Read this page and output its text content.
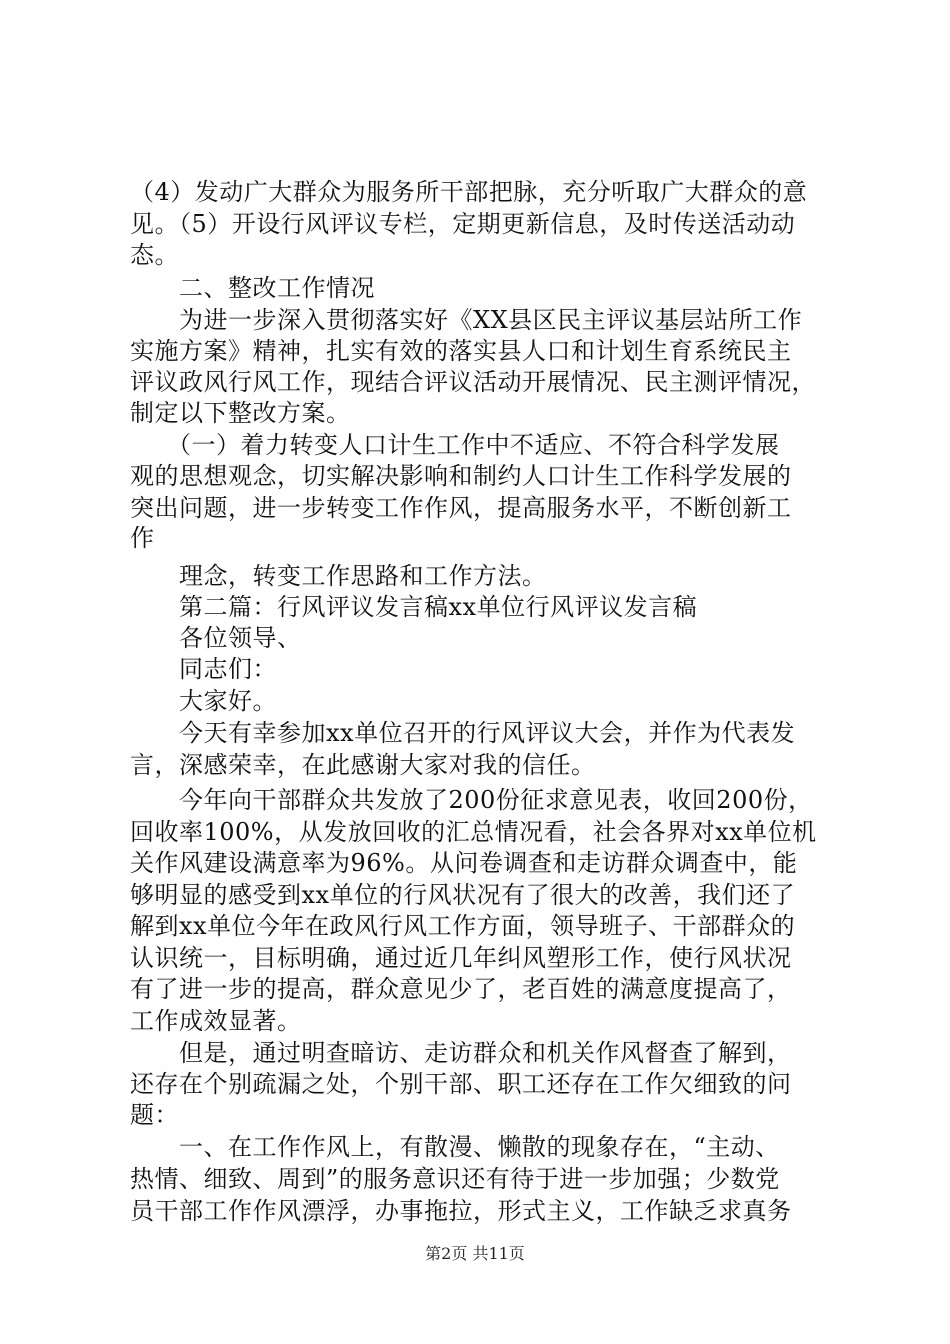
（4）发动广大群众为服务所干部把脉，充分听取广大群众的意
见。（5）开设行风评议专栏，定期更新信息，及时传送活动动
态。
　　二、整改工作情况
　　为进一步深入贯彻落实好《XX县区民主评议基层站所工作
实施方案》精神，扎实有效的落实县人口和计划生育系统民主
评议政风行风工作，现结合评议活动开展情况、民主测评情况，
制定以下整改方案。
　　（一）着力转变人口计生工作中不适应、不符合科学发展
观的思想观念，切实解决影响和制约人口计生工作科学发展的
突出问题，进一步转变工作作风，提高服务水平，不断创新工
作
　　理念，转变工作思路和工作方法。
　　第二篇：行风评议发言稿xx单位行风评议发言稿
　　各位领导、
　　同志们：
　　大家好。
　　今天有幸参加xx单位召开的行风评议大会，并作为代表发
言，深感荣幸，在此感谢大家对我的信任。
　　今年向干部群众共发放了200份征求意见表，收回200份，
回收率100%，从发放回收的汇总情况看，社会各界对xx单位机
关作风建设满意率为96%。从问卷调查和走访群众调查中，能
够明显的感受到xx单位的行风状况有了很大的改善，我们还了
解到xx单位今年在政风行风工作方面，领导班子、干部群众的
认识统一，目标明确，通过近几年纠风塑形工作，使行风状况
有了进一步的提高，群众意见少了，老百姓的满意度提高了，
工作成效显著。
　　但是，通过明查暗访、走访群众和机关作风督查了解到，
还存在个别疏漏之处，个别干部、职工还存在工作欠细致的问
题：
　　一、在工作作风上，有散漫、懒散的现象存在，“主动、
热情、细致、周到”的服务意识还有待于进一步加强；少数党
员干部工作作风漂浮，办事拖拉，形式主义，工作缺乏求真务
第2页 共11页
